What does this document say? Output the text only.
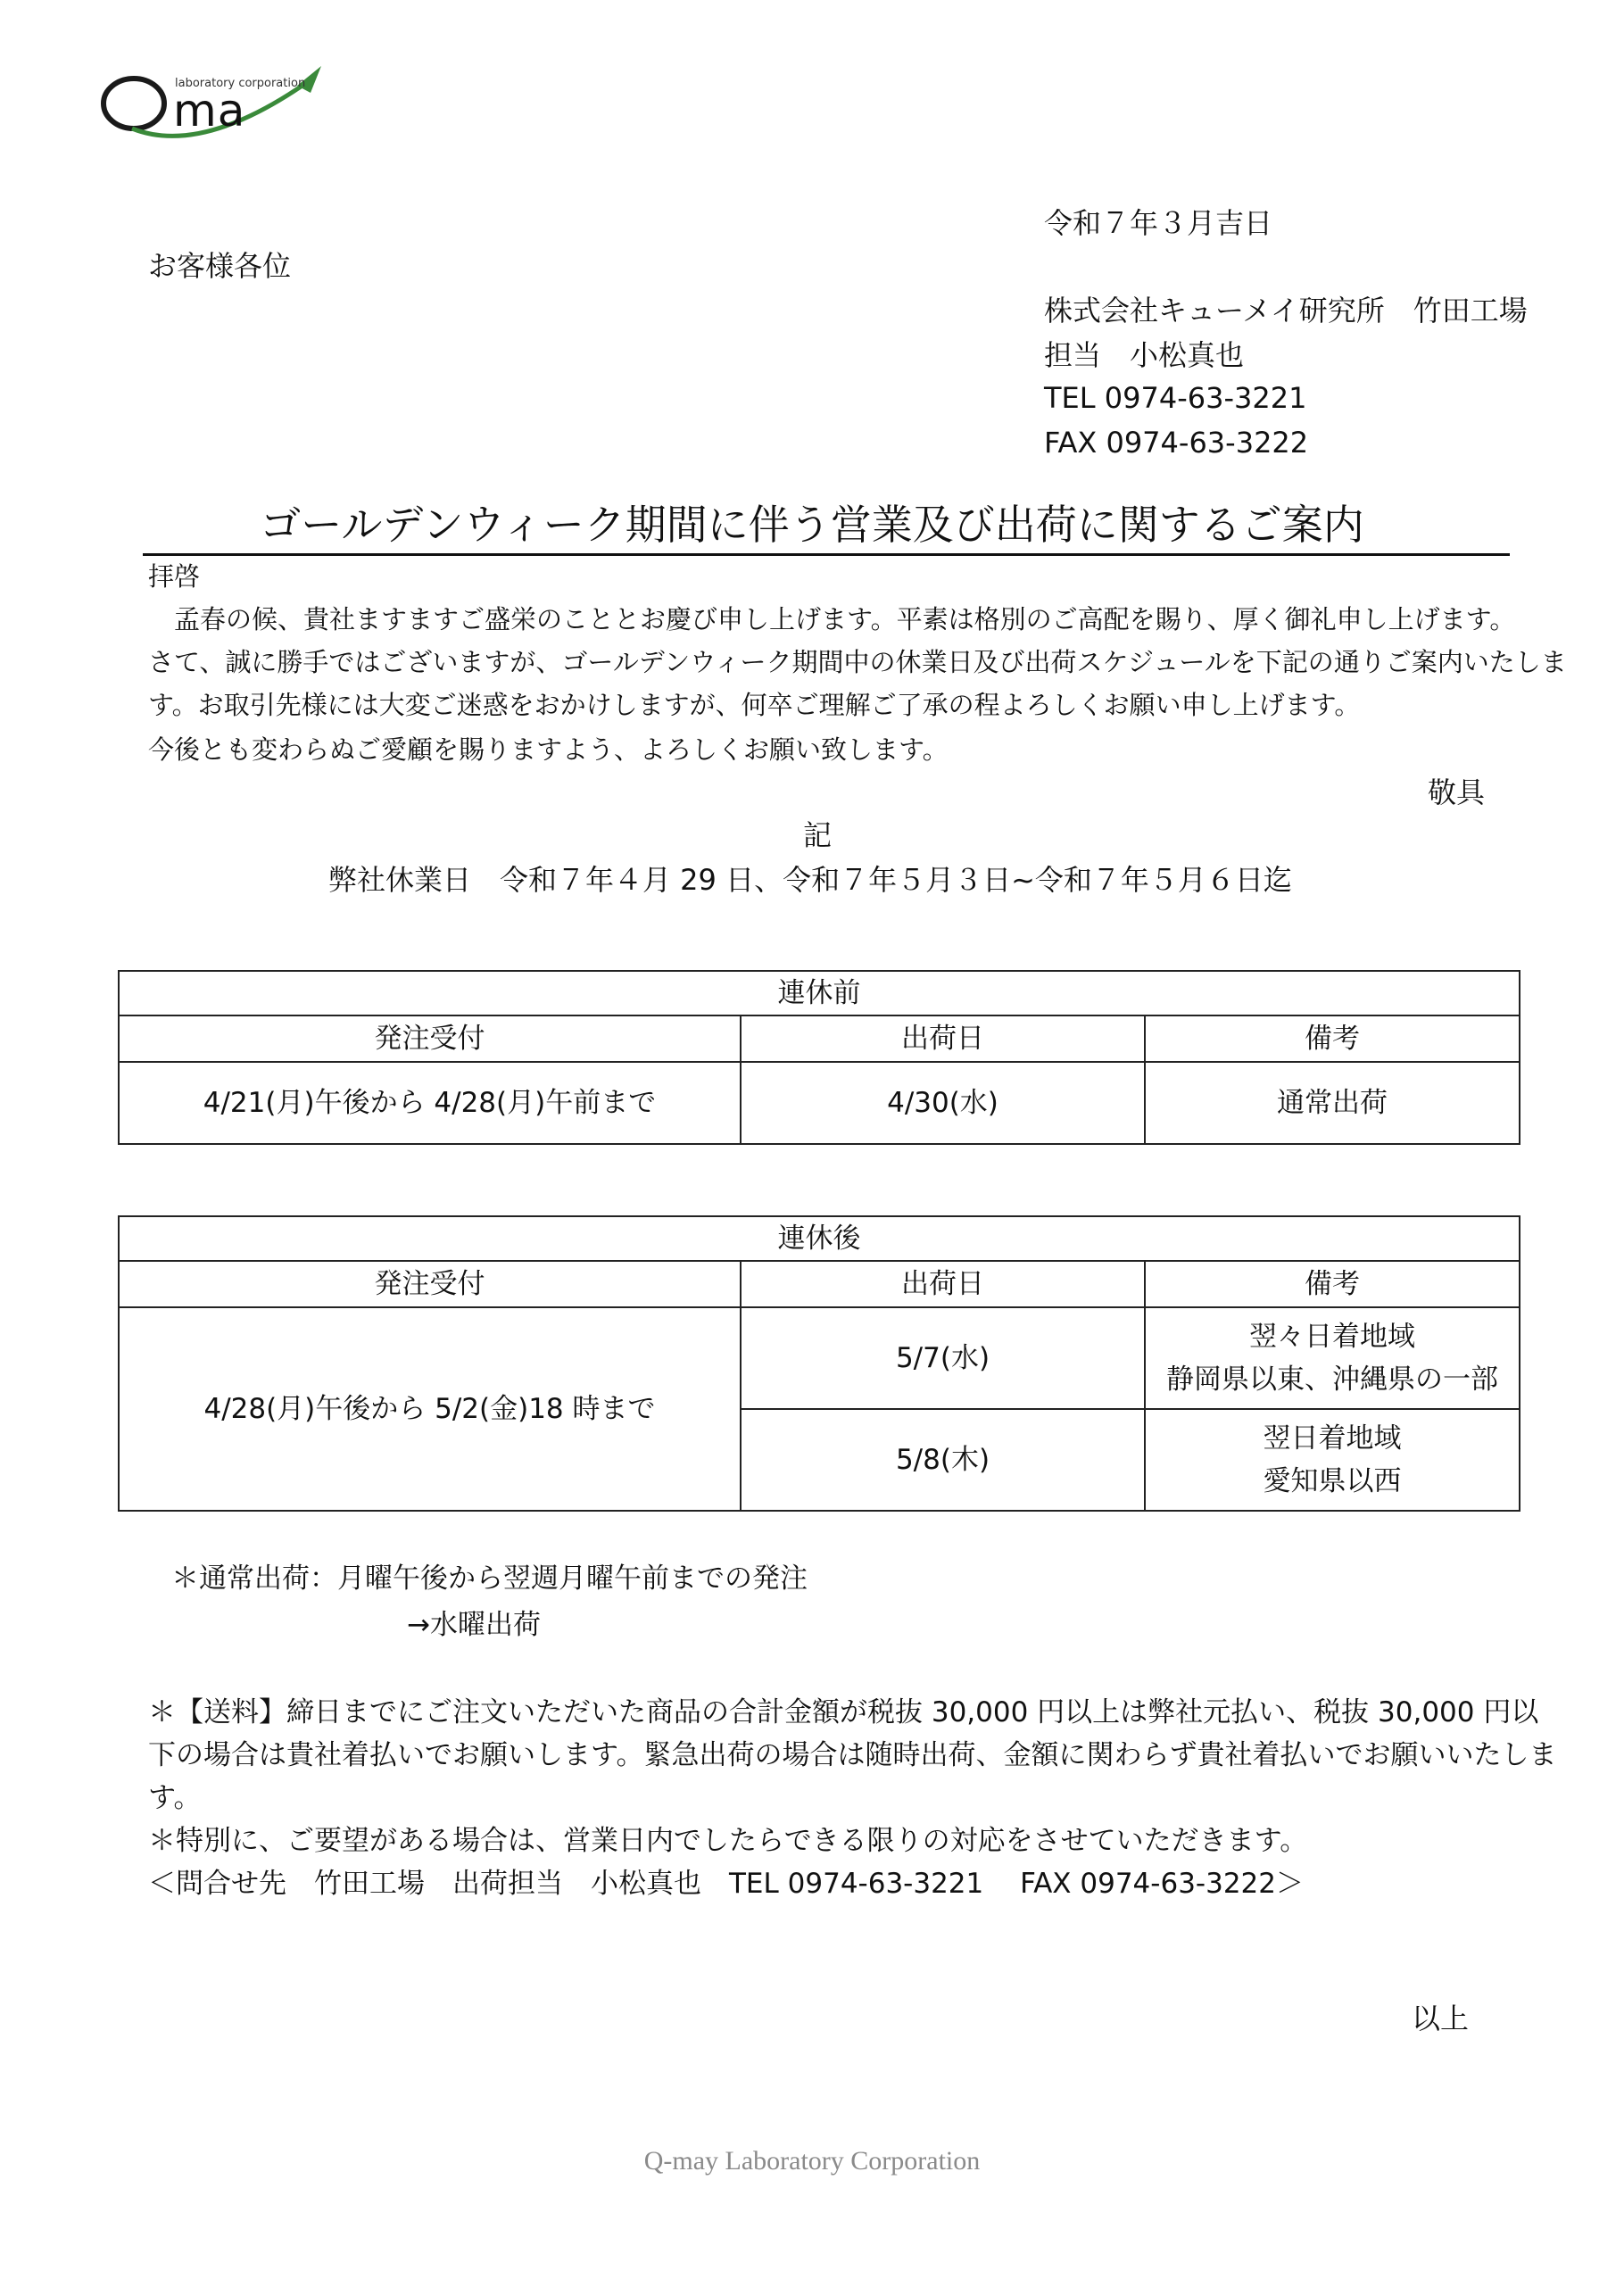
laboratory corporation
ma
令和７年３月吉日
お客様各位
株式会社キューメイ研究所　竹田工場
担当　小松真也
TEL 0974-63-3221
FAX 0974-63-3222
ゴールデンウィーク期間に伴う営業及び出荷に関するご案内
拝啓
　孟春の候、貴社ますますご盛栄のこととお慶び申し上げます。平素は格別のご高配を賜り、厚く御礼申し上げます。
さて、誠に勝手ではございますが、ゴールデンウィーク期間中の休業日及び出荷スケジュールを下記の通りご案内いたしま
す。お取引先様には大変ご迷惑をおかけしますが、何卒ご理解ご了承の程よろしくお願い申し上げます。
今後とも変わらぬご愛顧を賜りますよう、よろしくお願い致します。
敬具
記
弊社休業日　令和７年４月 29 日、令和７年５月３日~令和７年５月６日迄
連休前		
発注受付	出荷日	備考
4/21(月)午後から 4/28(月)午前まで	4/30(水)	通常出荷
連休後		
発注受付	出荷日	備考
4/28(月)午後から 5/2(金)18 時まで	5/7(水)	翌々日着地域
静岡県以東、沖縄県の一部

	5/8(木)	翌日着地域
愛知県以西
＊通常出荷：月曜午後から翌週月曜午前までの発注
→水曜出荷
＊【送料】締日までにご注文いただいた商品の合計金額が税抜 30,000 円以上は弊社元払い、税抜 30,000 円以
下の場合は貴社着払いでお願いします。緊急出荷の場合は随時出荷、金額に関わらず貴社着払いでお願いいたしま
す。
＊特別に、ご要望がある場合は、営業日内でしたらできる限りの対応をさせていただきます。
＜問合せ先　竹田工場　出荷担当　小松真也　TEL 0974-63-3221　 FAX 0974-63-3222＞
以上
Q-may Laboratory Corporation
